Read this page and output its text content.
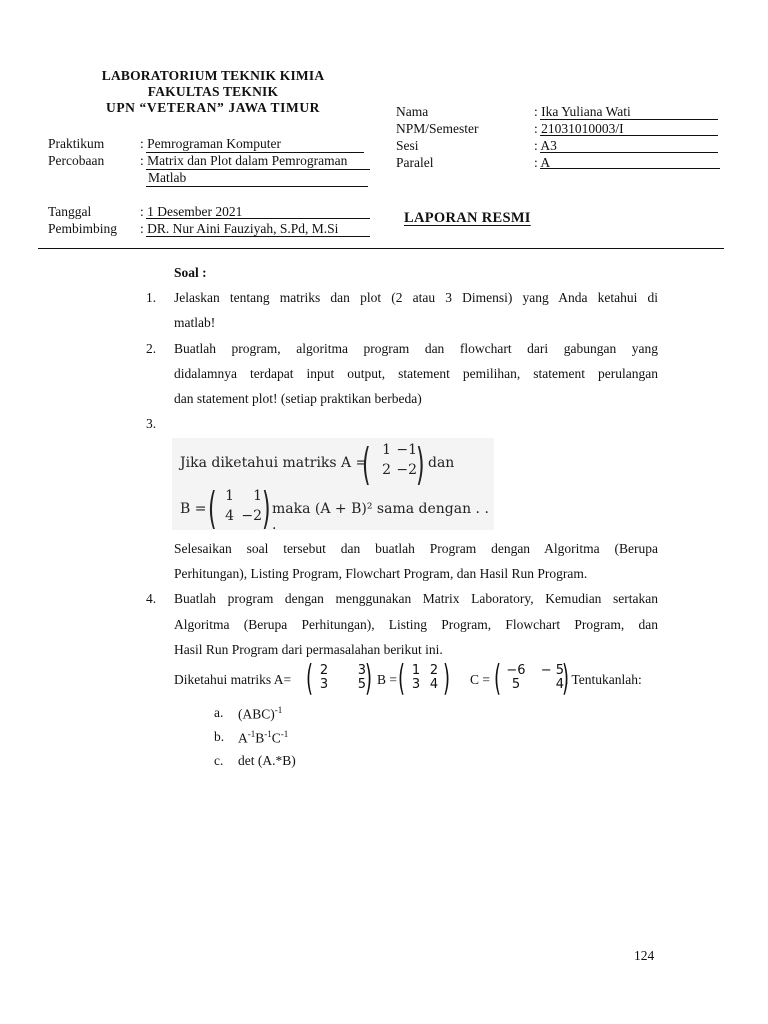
LABORATORIUM TEKNIK KIMIA
FAKULTAS TEKNIK
UPN “VETERAN” JAWA TIMUR
Praktikum	: Pemrograman Komputer
Percobaan	: Matrix dan Plot dalam Pemrograman
Matlab
Tanggal	: 1 Desember 2021
Pembimbing : DR. Nur Aini Fauziyah, S.Pd, M.Si
Nama	: Ika Yuliana Wati
NPM/Semester	: 21031010003/I
Sesi	: A3
Paralel	: A
LAPORAN RESMI
Soal :
1. Jelaskan tentang matriks dan plot (2 atau 3 Dimensi) yang Anda ketahui di
matlab!
2. Buatlah program, algoritma program dan flowchart dari gabungan yang
didalamnya terdapat input output, statement pemilihan, statement perulangan
dan statement plot! (setiap praktikan berbeda)
3.
Jika diketahui matriks A =
( 1 −1
2 −2 ) dan
B = ( 1	1
4 −2 ) maka (A + B)² sama dengan . . .
Selesaikan soal tersebut dan buatlah Program dengan Algoritma (Berupa
Perhitungan), Listing Program, Flowchart Program, dan Hasil Run Program.
4. Buatlah program dengan menggunakan Matrix Laboratory, Kemudian sertakan
Algoritma (Berupa Perhitungan), Listing Program, Flowchart Program, dan
Hasil Run Program dari permasalahan berikut ini.
Diketahui matriks A= ( 2	3
3	5 ) B = ( 1 2
3 4 ) C = ( −6	− 5
5	4
)
. Tentukanlah:
a. (ABC)$^{-1}$
b. $A^{-1}B^{-1}C^{-1}$
c. det (A.*B)
124
